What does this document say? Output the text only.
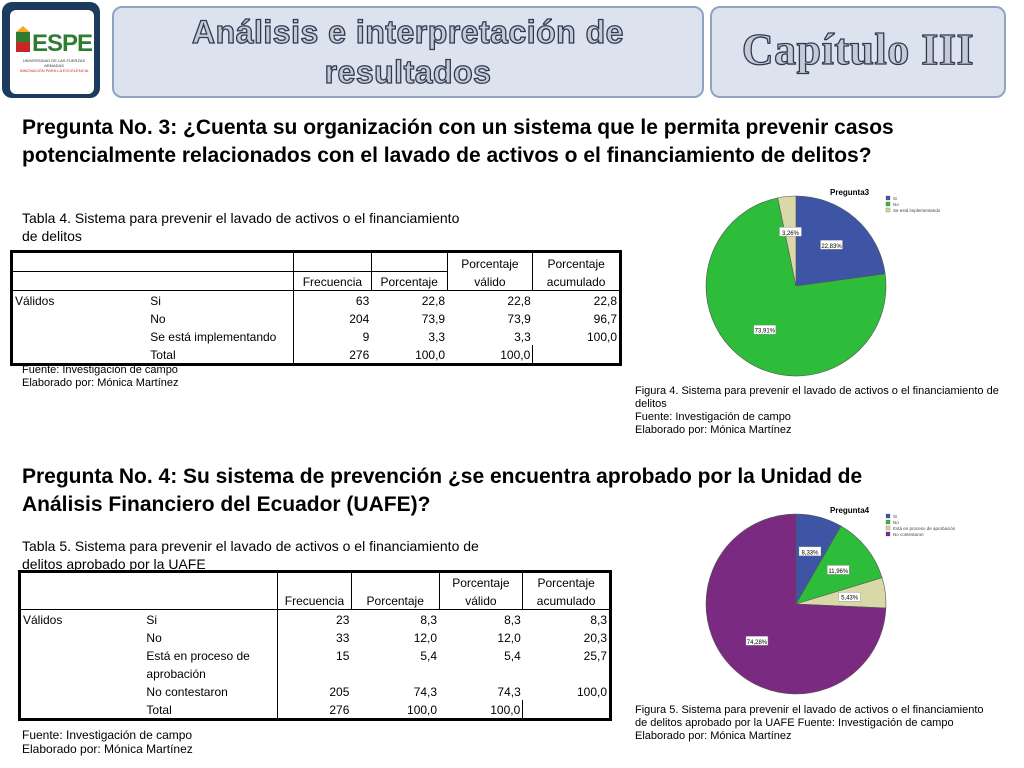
ESPE
UNIVERSIDAD DE LAS FUERZAS ARMADAS
INNOVACIÓN PARA LA EXCELENCIA
Análisis e interpretación de
resultados	Capítulo III
Pregunta No. 3: ¿Cuenta su organización con un sistema que le permita prevenir casos
potencialmente relacionados con el lavado de activos o el financiamiento de delitos?
Tabla 4. Sistema para prevenir el lavado de activos o el financiamiento
de delitos
				Porcentaje	Porcentaje
		Frecuencia	Porcentaje	válido	acumulado
Válidos	Si	63	22,8	22,8	22,8
	No	204	73,9	73,9	96,7
	Se está implementando	9	3,3	3,3	100,0
	Total	276	100,0	100,0	
Fuente: Investigación de campo
Elaborado por: Mónica Martínez
Pregunta3
22,83%
73,91%
3,26%
Si
No
Se está implementando
Figura 4. Sistema para prevenir el lavado de activos o el financiamiento de
delitos
Fuente: Investigación de campo
Elaborado por: Mónica Martínez
Pregunta No. 4: Su sistema de prevención ¿se encuentra aprobado por la Unidad de
Análisis Financiero del Ecuador (UAFE)?
Tabla 5. Sistema para prevenir el lavado de activos o el financiamiento de
delitos aprobado por la UAFE
				Porcentaje	Porcentaje
		Frecuencia	Porcentaje	válido	acumulado
Válidos	Si	23	8,3	8,3	8,3
	No	33	12,0	12,0	20,3
	Está en proceso de	15	5,4	5,4	25,7
	aprobación				
	No contestaron	205	74,3	74,3	100,0
	Total	276	100,0	100,0	
Fuente: Investigación de campo
Elaborado por: Mónica Martínez
Pregunta4
8,33%
11,96%
5,43%
74,28%
Si
No
Está en proceso de aprobación
No contestaron
Figura 5. Sistema para prevenir el lavado de activos o el financiamiento
de delitos aprobado por la UAFE Fuente: Investigación de campo
Elaborado por: Mónica Martínez
